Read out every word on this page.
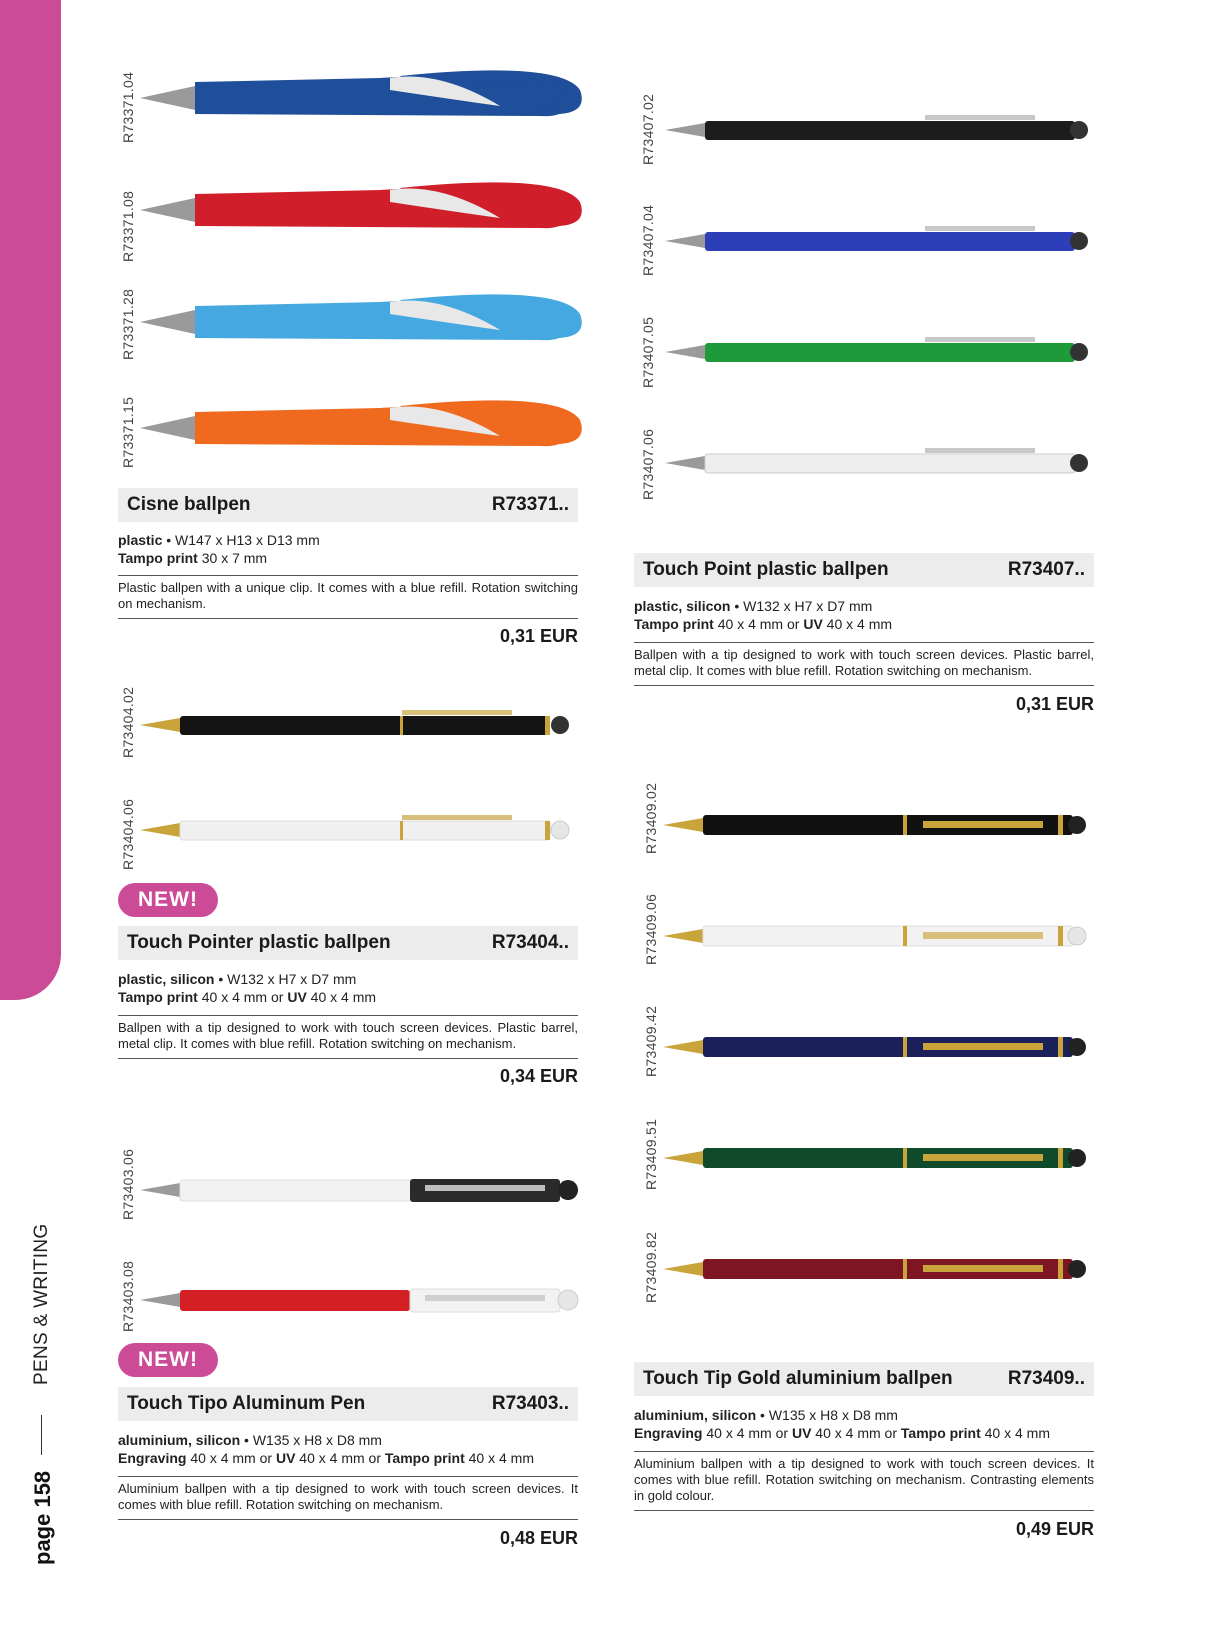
PENS & WRITING
page 158
R73371.04
R73371.08
R73371.28
R73371.15
Cisne ballpen	R73371..
plastic • W147 x H13 x D13 mm
Tampo print 30 x 7 mm
Plastic ballpen with a unique clip. It comes with a blue refill. Rotation switching on mechanism.
0,31 EUR
R73407.02
R73407.04
R73407.05
R73407.06
Touch Point plastic ballpen	R73407..
plastic, silicon • W132 x H7 x D7 mm
Tampo print 40 x 4 mm or UV 40 x 4 mm
Ballpen with a tip designed to work with touch screen devices. Plastic barrel, metal clip. It comes with blue refill. Rotation switching on mechanism.
0,31 EUR
R73404.02
R73404.06
NEW!
Touch Pointer plastic ballpen	R73404..
plastic, silicon • W132 x H7 x D7 mm
Tampo print 40 x 4 mm or UV 40 x 4 mm
Ballpen with a tip designed to work with touch screen devices. Plastic barrel, metal clip. It comes with blue refill. Rotation switching on mechanism.
0,34 EUR
R73409.02
R73409.06
R73409.42
R73409.51
R73409.82
Touch Tip Gold aluminium ballpen	R73409..
aluminium, silicon • W135 x H8 x D8 mm
Engraving 40 x 4 mm or UV 40 x 4 mm or Tampo print 40 x 4 mm
Aluminium ballpen with a tip designed to work with touch screen devices. It comes with blue refill. Rotation switching on mechanism. Contrasting elements in gold colour.
0,49 EUR
R73403.06
R73403.08
NEW!
Touch Tipo Aluminum Pen	R73403..
aluminium, silicon • W135 x H8 x D8 mm
Engraving 40 x 4 mm or UV 40 x 4 mm or Tampo print 40 x 4 mm
Aluminium ballpen with a tip designed to work with touch screen devices. It comes with blue refill. Rotation switching on mechanism.
0,48 EUR
